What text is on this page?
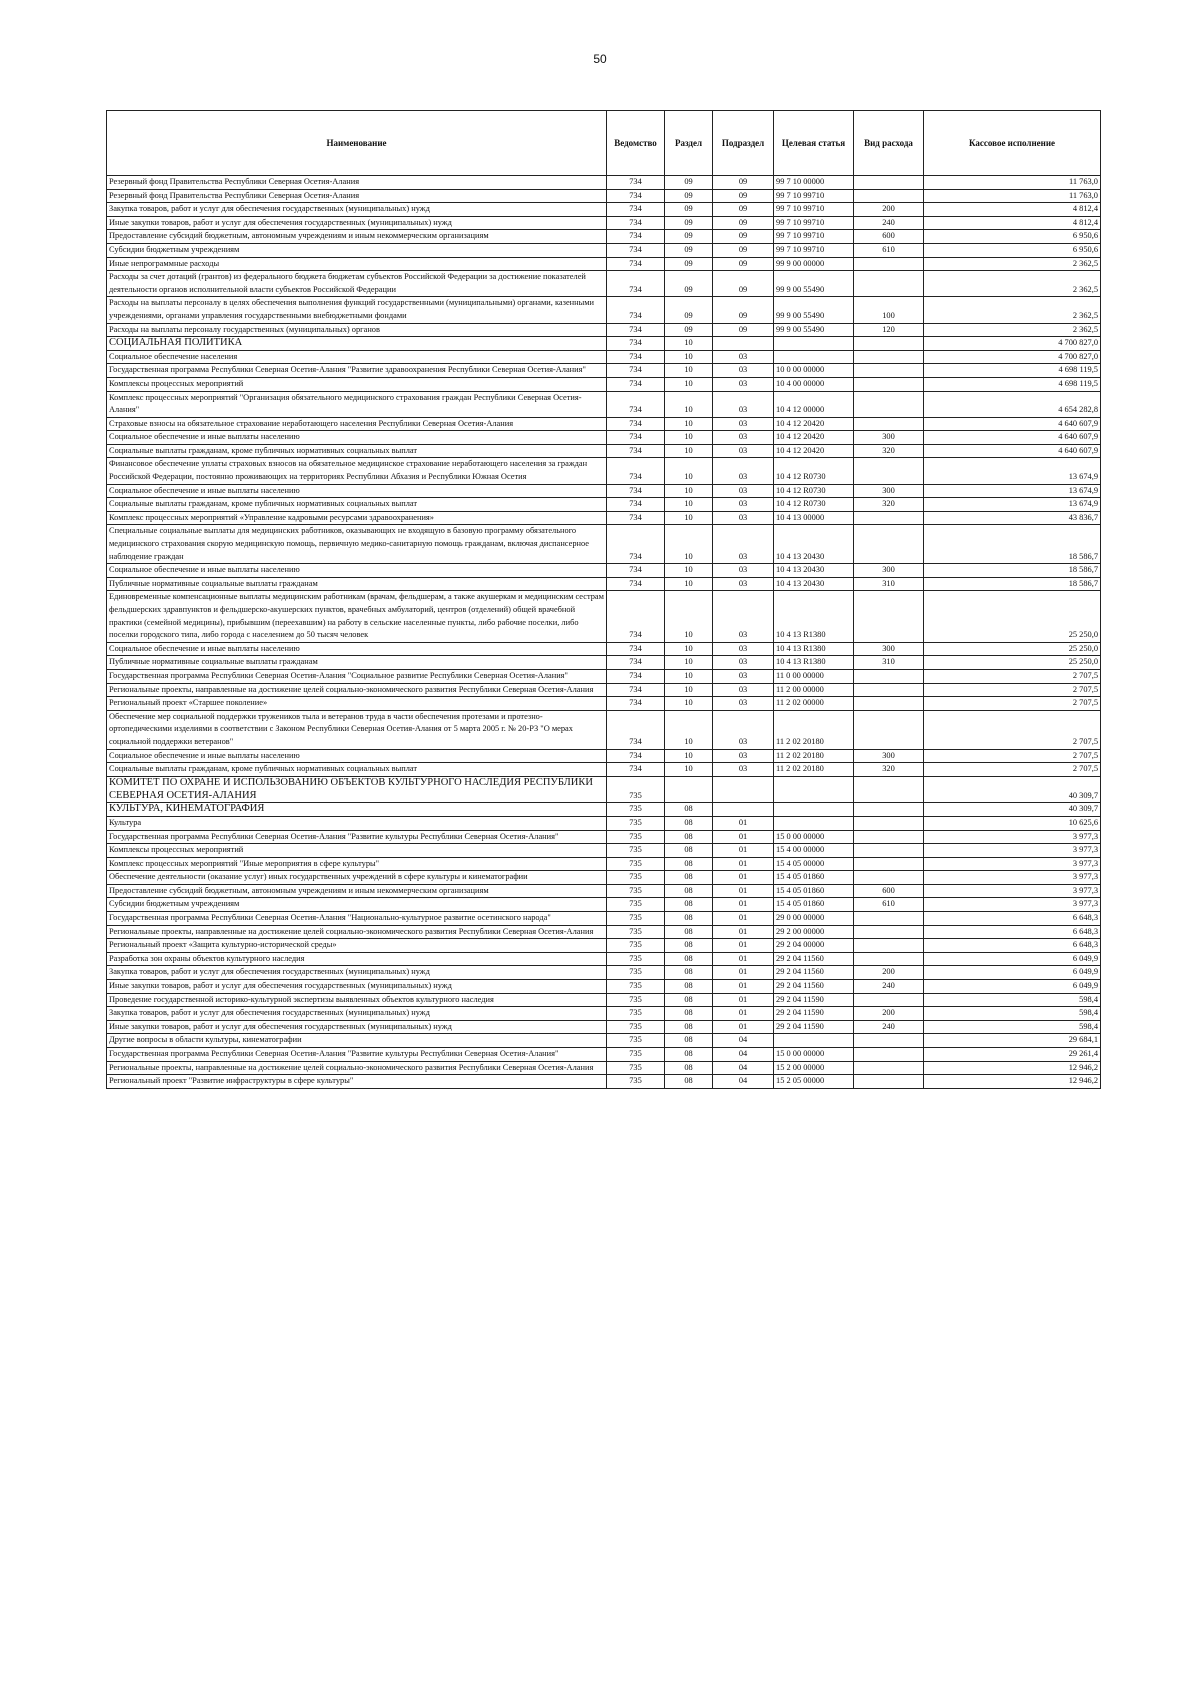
50
Наименование	Ведомство	Раздел	Подраздел	Целевая статья	Вид расхода	Кассовое исполнение
Резервный фонд Правительства Республики Северная Осетия-Алания	734	09	09	99 7 10 00000		11 763,0
Резервный фонд Правительства Республики Северная Осетия-Алания	734	09	09	99 7 10 99710		11 763,0
Закупка товаров, работ и услуг для обеспечения государственных (муниципальных) нужд	734	09	09	99 7 10 99710	200	4 812,4
Иные закупки товаров, работ и услуг для обеспечения государственных (муниципальных) нужд	734	09	09	99 7 10 99710	240	4 812,4
Предоставление субсидий бюджетным, автономным учреждениям и иным некоммерческим организациям	734	09	09	99 7 10 99710	600	6 950,6
Субсидии бюджетным учреждениям	734	09	09	99 7 10 99710	610	6 950,6
Иные непрограммные расходы	734	09	09	99 9 00 00000		2 362,5
Расходы за счет дотаций (грантов) из федерального бюджета бюджетам субъектов Российской Федерации за достижение показателей деятельности органов исполнительной власти субъектов Российской Федерации	734	09	09	99 9 00 55490		2 362,5
Расходы на выплаты персоналу в целях обеспечения выполнения функций государственными (муниципальными) органами, казенными учреждениями, органами управления государственными внебюджетными фондами	734	09	09	99 9 00 55490	100	2 362,5
Расходы на выплаты персоналу государственных (муниципальных) органов	734	09	09	99 9 00 55490	120	2 362,5
СОЦИАЛЬНАЯ ПОЛИТИКА	734	10				4 700 827,0
Социальное обеспечение населения	734	10	03			4 700 827,0
Государственная программа Республики Северная Осетия-Алания "Развитие здравоохранения Республики Северная Осетия-Алания"	734	10	03	10 0 00 00000		4 698 119,5
Комплексы процессных мероприятий	734	10	03	10 4 00 00000		4 698 119,5
Комплекс процессных мероприятий "Организация обязательного медицинского страхования граждан Республики Северная Осетия-Алания"	734	10	03	10 4 12 00000		4 654 282,8
Страховые взносы на обязательное страхование неработающего населения Республики Северная Осетия-Алания	734	10	03	10 4 12 20420		4 640 607,9
Социальное обеспечение и иные выплаты населению	734	10	03	10 4 12 20420	300	4 640 607,9
Социальные выплаты гражданам, кроме публичных нормативных социальных выплат	734	10	03	10 4 12 20420	320	4 640 607,9
Финансовое обеспечение уплаты страховых взносов на обязательное медицинское страхование неработающего населения за граждан Российской Федерации, постоянно проживающих на территориях Республики Абхазия и Республики Южная Осетия	734	10	03	10 4 12 R0730		13 674,9
Социальное обеспечение и иные выплаты населению	734	10	03	10 4 12 R0730	300	13 674,9
Социальные выплаты гражданам, кроме публичных нормативных социальных выплат	734	10	03	10 4 12 R0730	320	13 674,9
Комплекс процессных мероприятий «Управление кадровыми ресурсами здравоохранения»	734	10	03	10 4 13 00000		43 836,7
Специальные социальные выплаты для медицинских работников, оказывающих не входящую в базовую программу обязательного медицинского страхования скорую медицинскую помощь, первичную медико-санитарную помощь гражданам, включая диспансерное наблюдение граждан	734	10	03	10 4 13 20430		18 586,7
Социальное обеспечение и иные выплаты населению	734	10	03	10 4 13 20430	300	18 586,7
Публичные нормативные социальные выплаты гражданам	734	10	03	10 4 13 20430	310	18 586,7
Единовременные компенсационные выплаты медицинским работникам (врачам, фельдшерам, а также акушеркам и медицинским сестрам фельдшерских здравпунктов и фельдшерско-акушерских пунктов, врачебных амбулаторий, центров (отделений) общей врачебной практики (семейной медицины), прибывшим (переехавшим) на работу в сельские населенные пункты, либо рабочие поселки, либо поселки городского типа, либо города с населением до 50 тысяч человек	734	10	03	10 4 13 R1380		25 250,0
Социальное обеспечение и иные выплаты населению	734	10	03	10 4 13 R1380	300	25 250,0
Публичные нормативные социальные выплаты гражданам	734	10	03	10 4 13 R1380	310	25 250,0
Государственная программа Республики Северная Осетия-Алания "Социальное развитие Республики Северная Осетия-Алания"	734	10	03	11 0 00 00000		2 707,5
Региональные проекты, направленные на достижение целей социально-экономического развития Республики Северная Осетия-Алания	734	10	03	11 2 00 00000		2 707,5
Региональный проект «Старшее поколение»	734	10	03	11 2 02 00000		2 707,5
Обеспечение мер социальной поддержки тружеников тыла и ветеранов труда в части обеспечения протезами и протезно-ортопедическими изделиями в соответствии с Законом Республики Северная Осетия-Алания от 5 марта 2005 г. № 20-РЗ "О мерах социальной поддержки ветеранов"	734	10	03	11 2 02 20180		2 707,5
Социальное обеспечение и иные выплаты населению	734	10	03	11 2 02 20180	300	2 707,5
Социальные выплаты гражданам, кроме публичных нормативных социальных выплат	734	10	03	11 2 02 20180	320	2 707,5
КОМИТЕТ ПО ОХРАНЕ И ИСПОЛЬЗОВАНИЮ ОБЪЕКТОВ КУЛЬТУРНОГО НАСЛЕДИЯ РЕСПУБЛИКИ СЕВЕРНАЯ ОСЕТИЯ-АЛАНИЯ	735					40 309,7
КУЛЬТУРА, КИНЕМАТОГРАФИЯ	735	08				40 309,7
Культура	735	08	01			10 625,6
Государственная программа Республики Северная Осетия-Алания "Развитие культуры Республики Северная Осетия-Алания"	735	08	01	15 0 00 00000		3 977,3
Комплексы процессных мероприятий	735	08	01	15 4 00 00000		3 977,3
Комплекс процессных мероприятий "Иные мероприятия в сфере культуры"	735	08	01	15 4 05 00000		3 977,3
Обеспечение деятельности (оказание услуг) иных государственных учреждений в сфере культуры и кинематографии	735	08	01	15 4 05 01860		3 977,3
Предоставление субсидий бюджетным, автономным учреждениям и иным некоммерческим организациям	735	08	01	15 4 05 01860	600	3 977,3
Субсидии бюджетным учреждениям	735	08	01	15 4 05 01860	610	3 977,3
Государственная программа Республики Северная Осетия-Алания "Национально-культурное развитие осетинского народа"	735	08	01	29 0 00 00000		6 648,3
Региональные проекты, направленные на достижение целей социально-экономического развития Республики Северная Осетия-Алания	735	08	01	29 2 00 00000		6 648,3
Региональный проект «Защита культурно-исторической среды»	735	08	01	29 2 04 00000		6 648,3
Разработка зон охраны объектов культурного наследия	735	08	01	29 2 04 11560		6 049,9
Закупка товаров, работ и услуг для обеспечения государственных (муниципальных) нужд	735	08	01	29 2 04 11560	200	6 049,9
Иные закупки товаров, работ и услуг для обеспечения государственных (муниципальных) нужд	735	08	01	29 2 04 11560	240	6 049,9
Проведение государственной историко-культурной экспертизы выявленных объектов культурного наследия	735	08	01	29 2 04 11590		598,4
Закупка товаров, работ и услуг для обеспечения государственных (муниципальных) нужд	735	08	01	29 2 04 11590	200	598,4
Иные закупки товаров, работ и услуг для обеспечения государственных (муниципальных) нужд	735	08	01	29 2 04 11590	240	598,4
Другие вопросы в области культуры, кинематографии	735	08	04			29 684,1
Государственная программа Республики Северная Осетия-Алания "Развитие культуры Республики Северная Осетия-Алания"	735	08	04	15 0 00 00000		29 261,4
Региональные проекты, направленные на достижение целей социально-экономического развития Республики Северная Осетия-Алания	735	08	04	15 2 00 00000		12 946,2
Региональный проект "Развитие инфраструктуры в сфере культуры"	735	08	04	15 2 05 00000		12 946,2
